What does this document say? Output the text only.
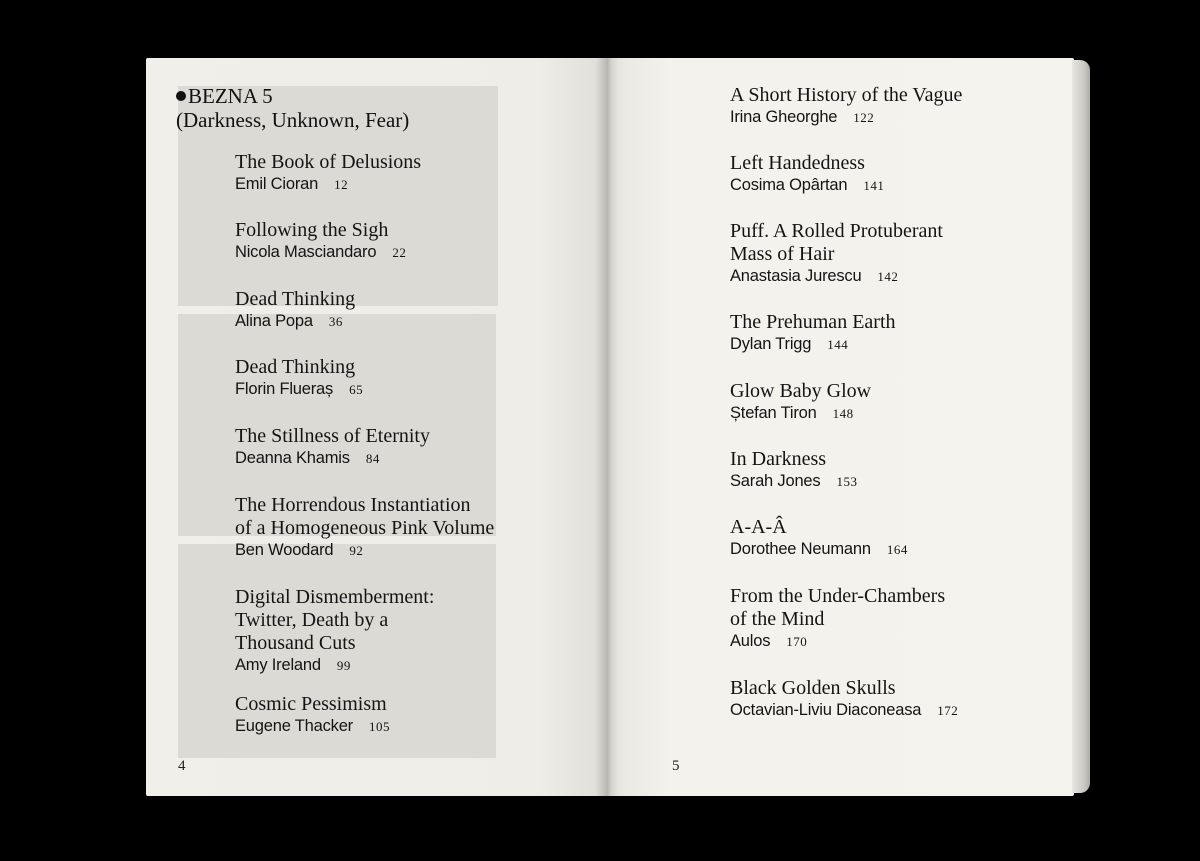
BEZNA 5
(Darkness, Unknown, Fear)
The Book of Delusions
Emil Cioran 12
Following the Sigh
Nicola Masciandaro 22
Dead Thinking
Alina Popa 36
Dead Thinking
Florin Flueraș 65
The Stillness of Eternity
Deanna Khamis 84
The Horrendous Instantiation
of a Homogeneous Pink Volume
Ben Woodard 92
Digital Dismemberment:
Twitter, Death by a
Thousand Cuts
Amy Ireland 99
Cosmic Pessimism
Eugene Thacker 105
A Short History of the Vague
Irina Gheorghe 122
Left Handedness
Cosima Opârtan 141
Puff. A Rolled Protuberant
Mass of Hair
Anastasia Jurescu 142
The Prehuman Earth
Dylan Trigg 144
Glow Baby Glow
Ștefan Tiron 148
In Darkness
Sarah Jones 153
A-A-Â
Dorothee Neumann 164
From the Under-Chambers
of the Mind
Aulos 170
Black Golden Skulls
Octavian-Liviu Diaconeasa 172
4	5
